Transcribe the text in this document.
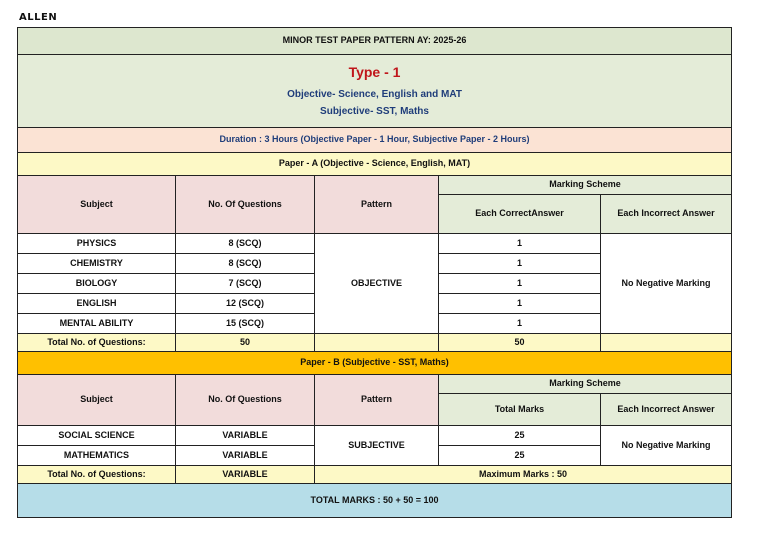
ALLEN
MINOR TEST PAPER PATTERN AY: 2025-26				

Type - 1
Objective- Science, English and MAT
Subjective- SST, Maths				

Duration : 3 Hours (Objective Paper - 1 Hour, Subjective Paper - 2 Hours)				
Paper - A (Objective - Science, English, MAT)				
Subject	No. Of Questions	Pattern	Marking Scheme	
			Each CorrectAnswer	Each Incorrect Answer
PHYSICS	8 (SCQ)	OBJECTIVE	1	No Negative Marking
CHEMISTRY	8 (SCQ)		1	
BIOLOGY	7 (SCQ)		1	
ENGLISH	12 (SCQ)		1	
MENTAL ABILITY	15 (SCQ)		1	
Total No. of Questions:	50		50	
Paper - B (Subjective - SST, Maths)				
Subject	No. Of Questions	Pattern	Marking Scheme	
			Total Marks	Each Incorrect Answer
SOCIAL SCIENCE	VARIABLE	SUBJECTIVE	25	No Negative Marking
MATHEMATICS	VARIABLE		25	
Total No. of Questions:	VARIABLE	Maximum Marks : 50		
TOTAL MARKS : 50 + 50 = 100				
